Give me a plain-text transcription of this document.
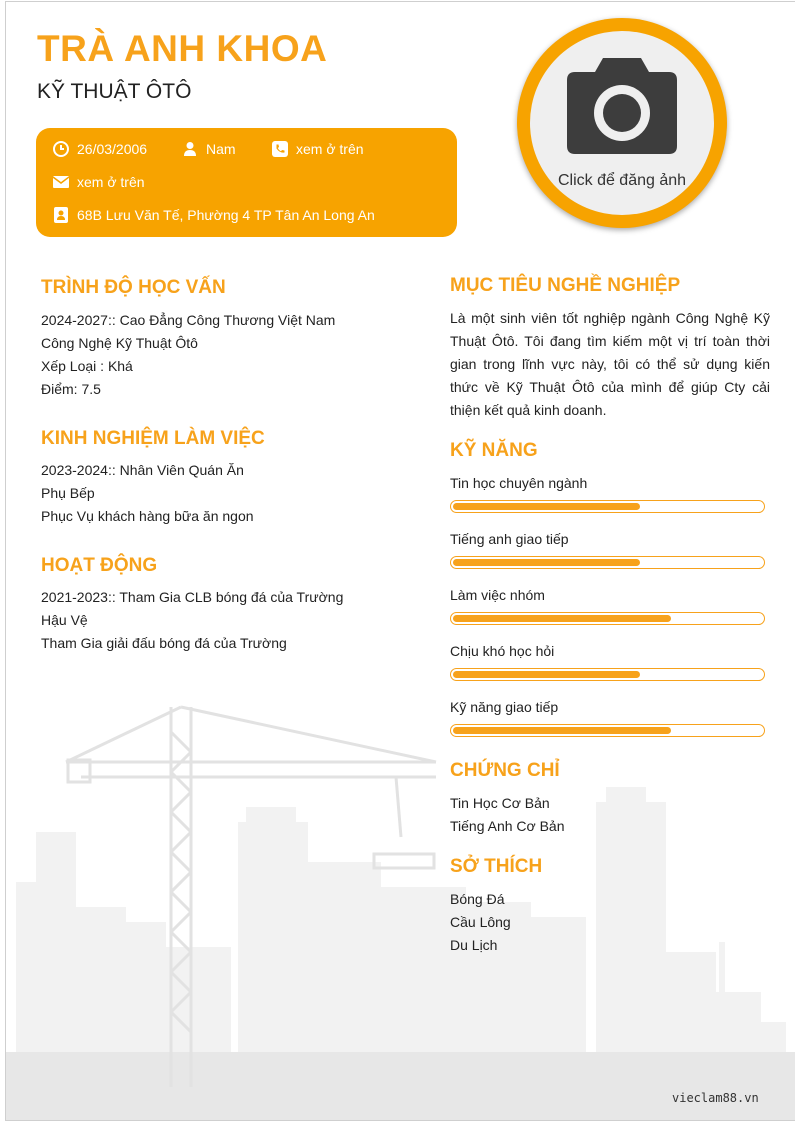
TRÀ ANH KHOA
KỸ THUẬT ÔTÔ
26/03/2006	Nam	xem ở trên
xem ở trên
68B Lưu Văn Tế, Phường 4 TP Tân An Long An
Click để đăng ảnh
TRÌNH ĐỘ HỌC VẤN
2024-2027:: Cao Đẳng Công Thương Việt Nam
Công Nghệ Kỹ Thuật Ôtô
Xếp Loại : Khá
Điểm: 7.5
KINH NGHIỆM LÀM VIỆC
2023-2024:: Nhân Viên Quán Ăn
Phụ Bếp
Phục Vụ khách hàng bữa ăn ngon
HOẠT ĐỘNG
2021-2023:: Tham Gia CLB bóng đá của Trường
Hậu Vệ
Tham Gia giải đấu bóng đá của Trường
MỤC TIÊU NGHỀ NGHIỆP
Là một sinh viên tốt nghiệp ngành Công Nghệ Kỹ Thuật Ôtô. Tôi đang tìm kiếm một vị trí toàn thời gian trong lĩnh vực này, tôi có thể sử dụng kiến thức về Kỹ Thuật Ôtô của mình để giúp Cty cải thiện kết quả kinh doanh.
KỸ NĂNG
Tin học chuyên ngành
Tiếng anh giao tiếp
Làm việc nhóm
Chịu khó học hỏi
Kỹ năng giao tiếp
CHỨNG CHỈ
Tin Học Cơ Bản
Tiếng Anh Cơ Bản
SỞ THÍCH
Bóng Đá
Cầu Lông
Du Lịch
vieclam88.vn
